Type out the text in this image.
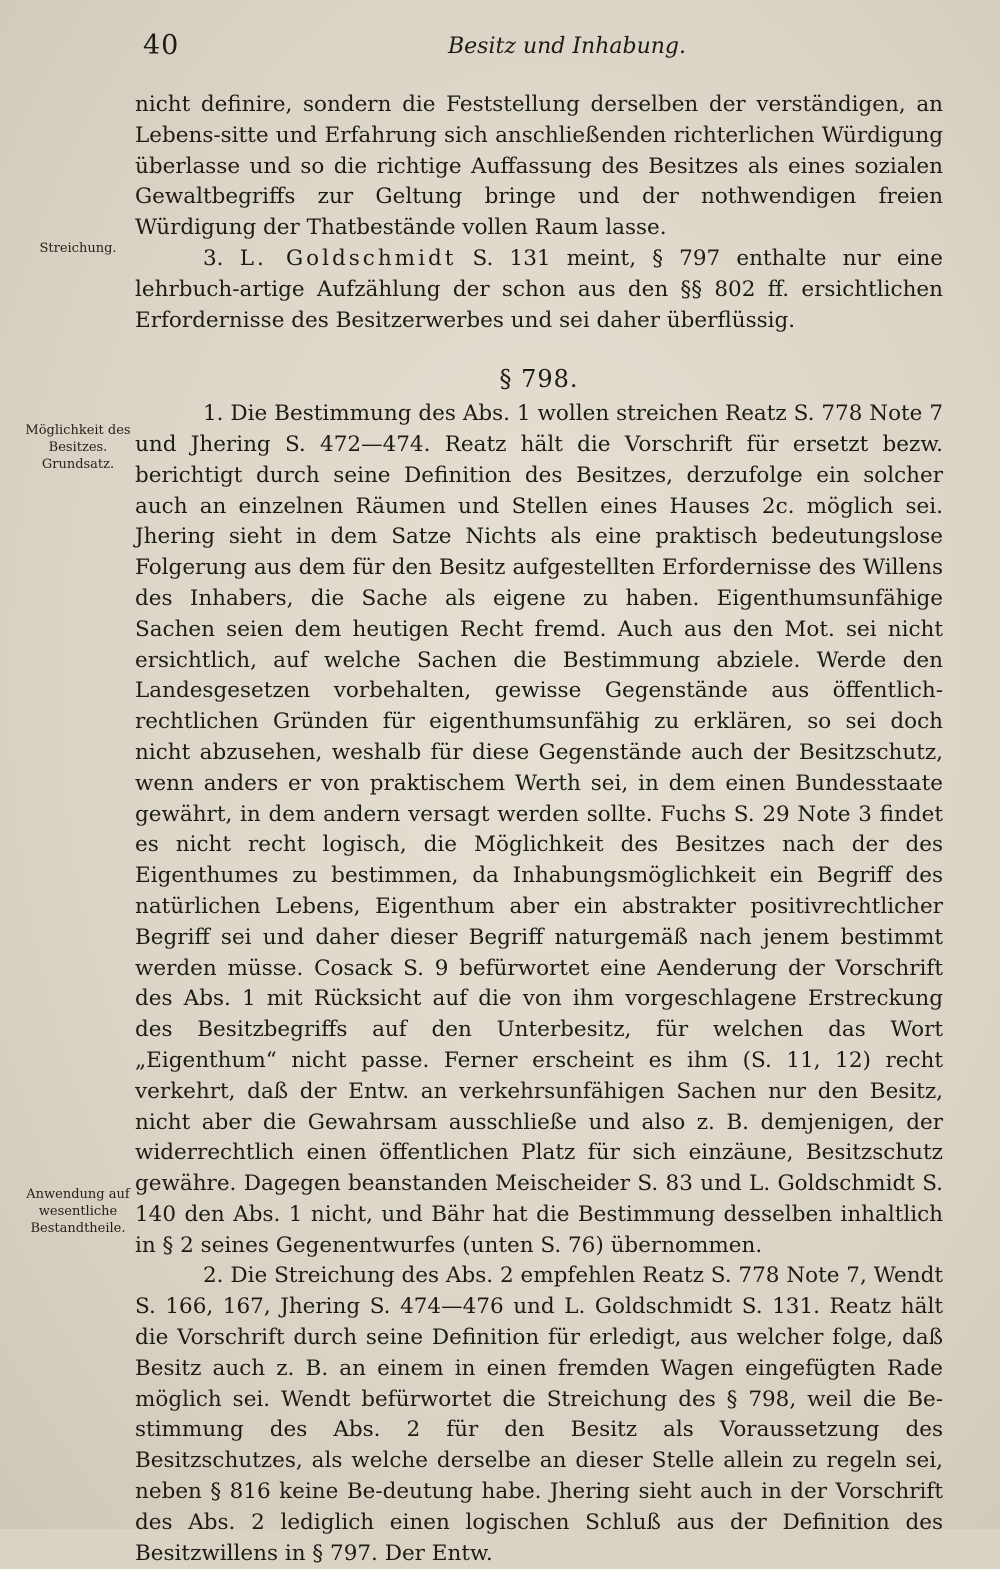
40	Besitz und Inhabung.
Streichung.
Möglichkeit des Besitzes. Grundsatz.
Anwendung auf wesentliche Bestandtheile.

nicht definire, sondern die Feststellung derselben der verständigen, an Lebens-sitte und Erfahrung sich anschließenden richterlichen Würdigung überlasse und so die richtige Auffassung des Besitzes als eines sozialen Gewaltbegriffs zur Geltung bringe und der nothwendigen freien Würdigung der Thatbestände vollen Raum lasse.

3. L. Goldschmidt S. 131 meint, § 797 enthalte nur eine lehrbuch-artige Aufzählung der schon aus den §§ 802 ff. ersichtlichen Erfordernisse des Besitzerwerbes und sei daher überflüssig.

§ 798.

1. Die Bestimmung des Abs. 1 wollen streichen Reatz S. 778 Note 7 und Jhering S. 472—474. Reatz hält die Vorschrift für ersetzt bezw. berichtigt durch seine Definition des Besitzes, derzufolge ein solcher auch an einzelnen Räumen und Stellen eines Hauses 2c. möglich sei. Jhering sieht in dem Satze Nichts als eine praktisch bedeutungslose Folgerung aus dem für den Besitz aufgestellten Erfordernisse des Willens des Inhabers, die Sache als eigene zu haben. Eigenthumsunfähige Sachen seien dem heutigen Recht fremd. Auch aus den Mot. sei nicht ersichtlich, auf welche Sachen die Bestimmung abziele. Werde den Landesgesetzen vorbehalten, gewisse Gegenstände aus öffentlich-rechtlichen Gründen für eigenthumsunfähig zu erklären, so sei doch nicht abzusehen, weshalb für diese Gegenstände auch der Besitzschutz, wenn anders er von praktischem Werth sei, in dem einen Bundesstaate gewährt, in dem andern versagt werden sollte. Fuchs S. 29 Note 3 findet es nicht recht logisch, die Möglichkeit des Besitzes nach der des Eigenthumes zu bestimmen, da Inhabungsmöglichkeit ein Begriff des natürlichen Lebens, Eigenthum aber ein abstrakter positivrechtlicher Begriff sei und daher dieser Begriff naturgemäß nach jenem bestimmt werden müsse. Cosack S. 9 befürwortet eine Aenderung der Vorschrift des Abs. 1 mit Rücksicht auf die von ihm vorgeschlagene Erstreckung des Besitzbegriffs auf den Unterbesitz, für welchen das Wort „Eigenthum“ nicht passe. Ferner erscheint es ihm (S. 11, 12) recht verkehrt, daß der Entw. an verkehrsunfähigen Sachen nur den Besitz, nicht aber die Gewahrsam ausschließe und also z. B. demjenigen, der widerrechtlich einen öffentlichen Platz für sich einzäune, Besitzschutz gewähre. Dagegen beanstanden Meischeider S. 83 und L. Goldschmidt S. 140 den Abs. 1 nicht, und Bähr hat die Bestimmung desselben inhaltlich in § 2 seines Gegenentwurfes (unten S. 76) übernommen.

2. Die Streichung des Abs. 2 empfehlen Reatz S. 778 Note 7, Wendt S. 166, 167, Jhering S. 474—476 und L. Goldschmidt S. 131. Reatz hält die Vorschrift durch seine Definition für erledigt, aus welcher folge, daß Besitz auch z. B. an einem in einen fremden Wagen eingefügten Rade möglich sei. Wendt befürwortet die Streichung des § 798, weil die Be-stimmung des Abs. 2 für den Besitz als Voraussetzung des Besitzschutzes, als welche derselbe an dieser Stelle allein zu regeln sei, neben § 816 keine Be-deutung habe. Jhering sieht auch in der Vorschrift des Abs. 2 lediglich einen logischen Schluß aus der Definition des Besitzwillens in § 797. Der Entw.
